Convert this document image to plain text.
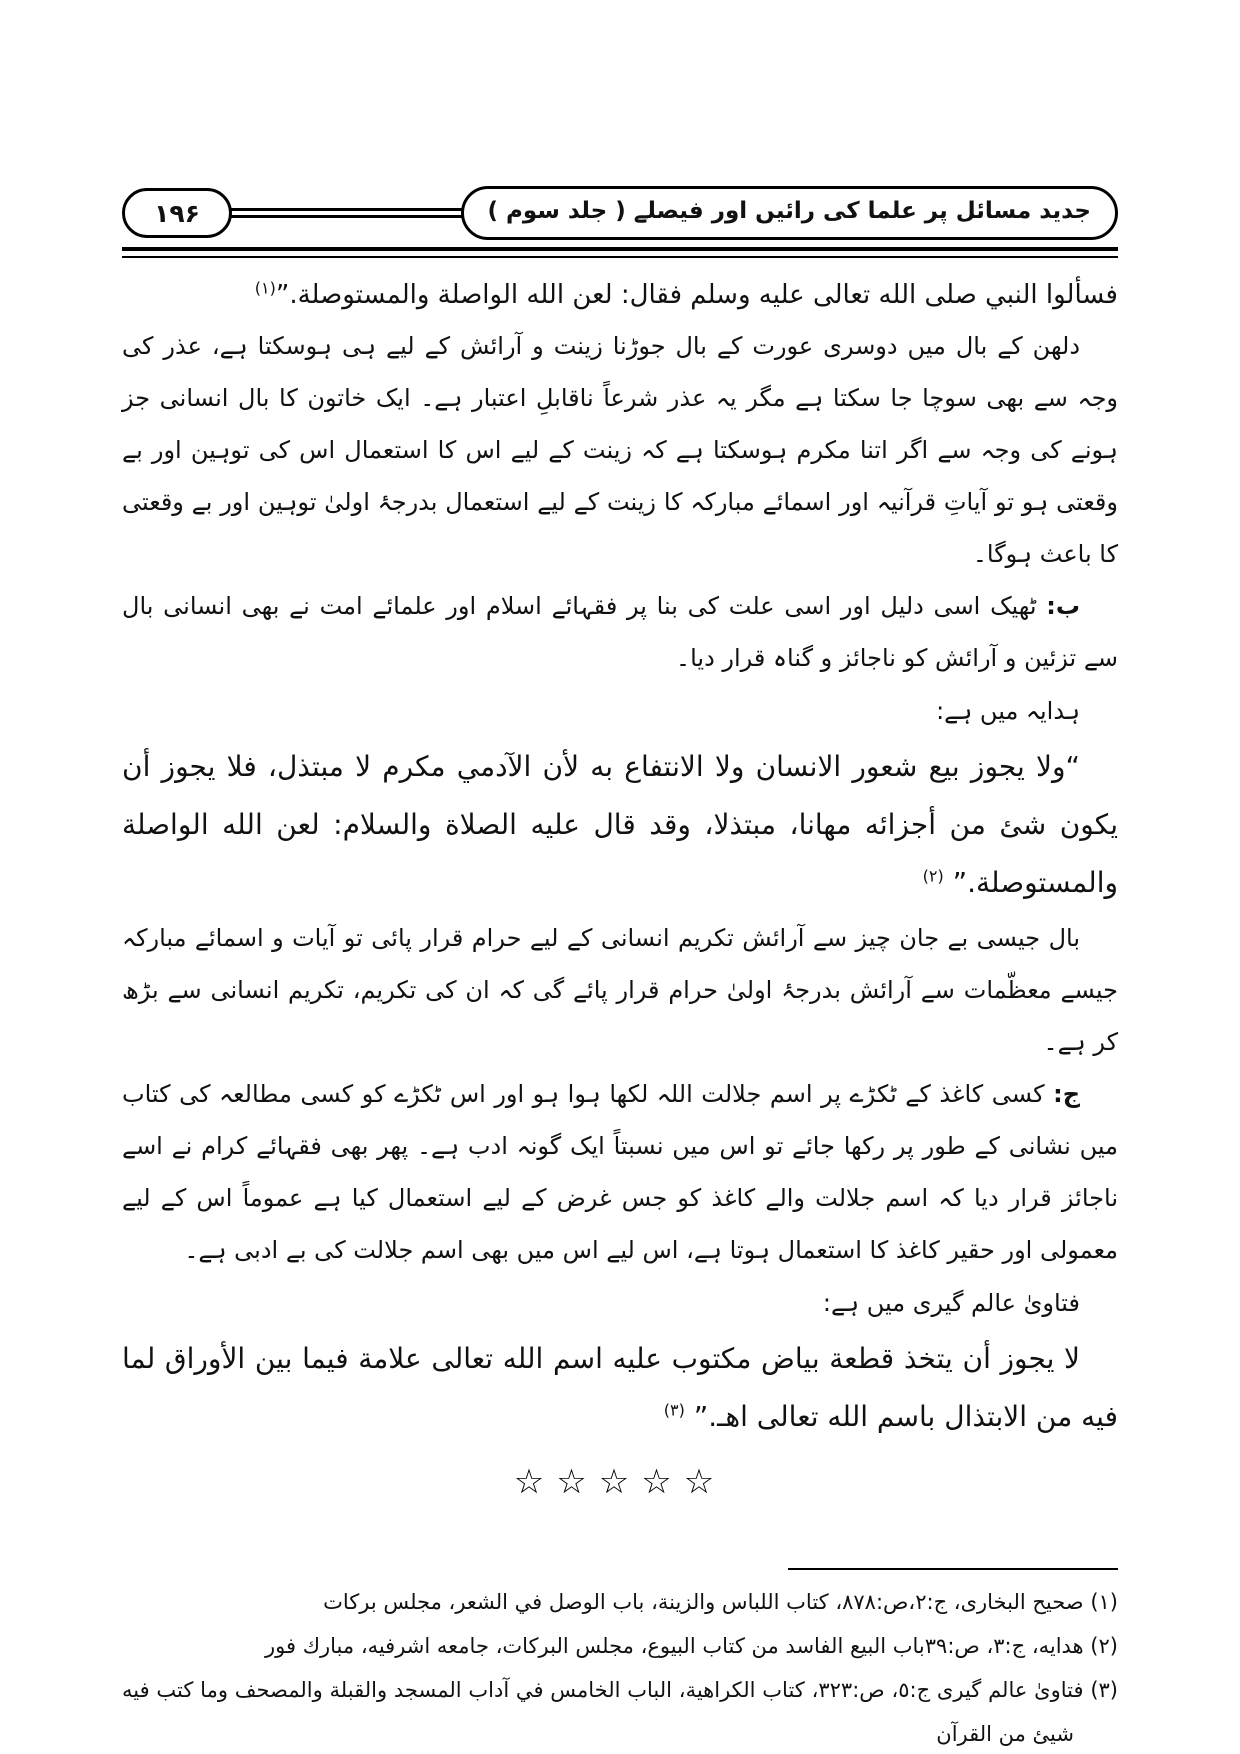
۱۹۶	جدید مسائل پر علما کی رائیں اور فیصلے ( جلد سوم )

فسألوا النبي صلى الله تعالى عليه وسلم فقال: لعن الله الواصلة والمستوصلة.”$^{(١)}$

دلھن کے بال میں دوسری عورت کے بال جوڑنا زینت و آرائش کے لیے ہی ہوسکتا ہے، عذر کی وجہ سے بھی سوچا جا سکتا ہے مگر یہ عذر شرعاً ناقابلِ اعتبار ہے۔ ایک خاتون کا بال انسانی جز ہونے کی وجہ سے اگر اتنا مکرم ہوسکتا ہے کہ زینت کے لیے اس کا استعمال اس کی توہین اور بے وقعتی ہو تو آیاتِ قرآنیہ اور اسمائے مبارکہ کا زینت کے لیے استعمال بدرجۂ اولیٰ توہین اور بے وقعتی کا باعث ہوگا۔

ب: ٹھیک اسی دلیل اور اسی علت کی بنا پر فقہائے اسلام اور علمائے امت نے بھی انسانی بال سے تزئین و آرائش کو ناجائز و گناہ قرار دیا۔

ہدایہ میں ہے:

“ولا يجوز بيع شعور الانسان ولا الانتفاع به لأن الآدمي مكرم لا مبتذل، فلا يجوز أن يكون شئ من أجزائه مهانا، مبتذلا، وقد قال عليه الصلاة والسلام: لعن الله الواصلة والمستوصلة.” $^{(٢)}$

بال جیسی بے جان چیز سے آرائش تکریم انسانی کے لیے حرام قرار پائی تو آیات و اسمائے مبارکہ جیسے معظّمات سے آرائش بدرجۂ اولیٰ حرام قرار پائے گی کہ ان کی تکریم، تکریم انسانی سے بڑھ کر ہے۔

ج: کسی کاغذ کے ٹکڑے پر اسم جلالت اللہ لکھا ہوا ہو اور اس ٹکڑے کو کسی مطالعہ کی کتاب میں نشانی کے طور پر رکھا جائے تو اس میں نسبتاً ایک گونہ ادب ہے۔ پھر بھی فقہائے کرام نے اسے ناجائز قرار دیا کہ اسم جلالت والے کاغذ کو جس غرض کے لیے استعمال کیا ہے عموماً اس کے لیے معمولی اور حقیر کاغذ کا استعمال ہوتا ہے، اس لیے اس میں بھی اسم جلالت کی بے ادبی ہے۔

فتاویٰ عالم گیری میں ہے:

لا يجوز أن يتخذ قطعة بياض مكتوب عليه اسم الله تعالى علامة فيما بين الأوراق لما فيه من الابتذال باسم الله تعالى اهـ.” $^{(٣)}$

☆☆☆☆☆

(١) صحيح البخارى، ج:٢،ص:٨٧٨، كتاب اللباس والزينة، باب الوصل في الشعر، مجلس بركات

(٢) هدايه، ج:٣، ص:٣٩باب البيع الفاسد من كتاب البيوع، مجلس البركات، جامعه اشرفيه، مبارك فور

(٣) فتاوىٰ عالم گيرى ج:٥، ص:٣٢٣، كتاب الكراهية، الباب الخامس في آداب المسجد والقبلة والمصحف وما كتب فيه شيئ من القرآن
